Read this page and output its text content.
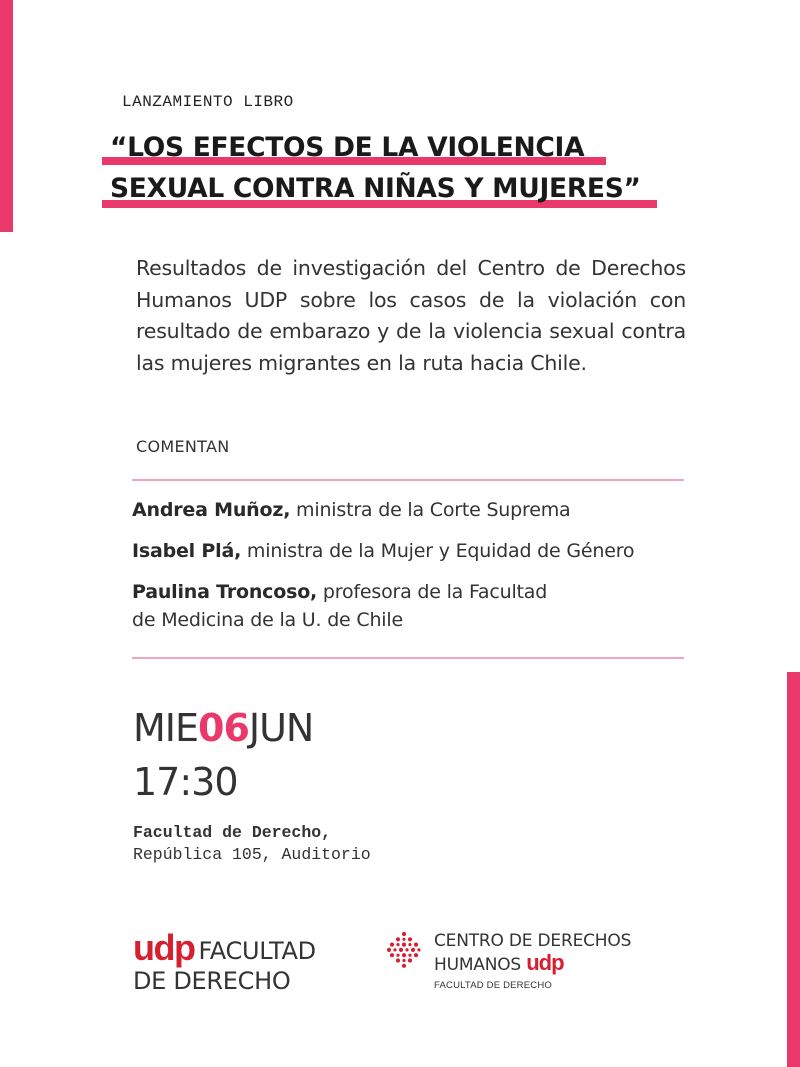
LANZAMIENTO LIBRO
“LOS EFECTOS DE LA VIOLENCIA
SEXUAL CONTRA NIÑAS Y MUJERES”

Resultados de investigación del Centro de Derechos Humanos UDP sobre los casos de la violación con resultado de embarazo y de la violencia sexual contra las mujeres migrantes en la ruta hacia Chile.

COMENTAN
Andrea Muñoz, ministra de la Corte Suprema
Isabel Plá, ministra de la Mujer y Equidad de Género
Paulina Troncoso, profesora de la Facultad
de Medicina de la U. de Chile
MIE06JUN
17:30
Facultad de Derecho,
República 105, Auditorio
udp FACULTAD
DE DERECHO
CENTRO DE DERECHOS
HUMANOS udp
FACULTAD DE DERECHO
